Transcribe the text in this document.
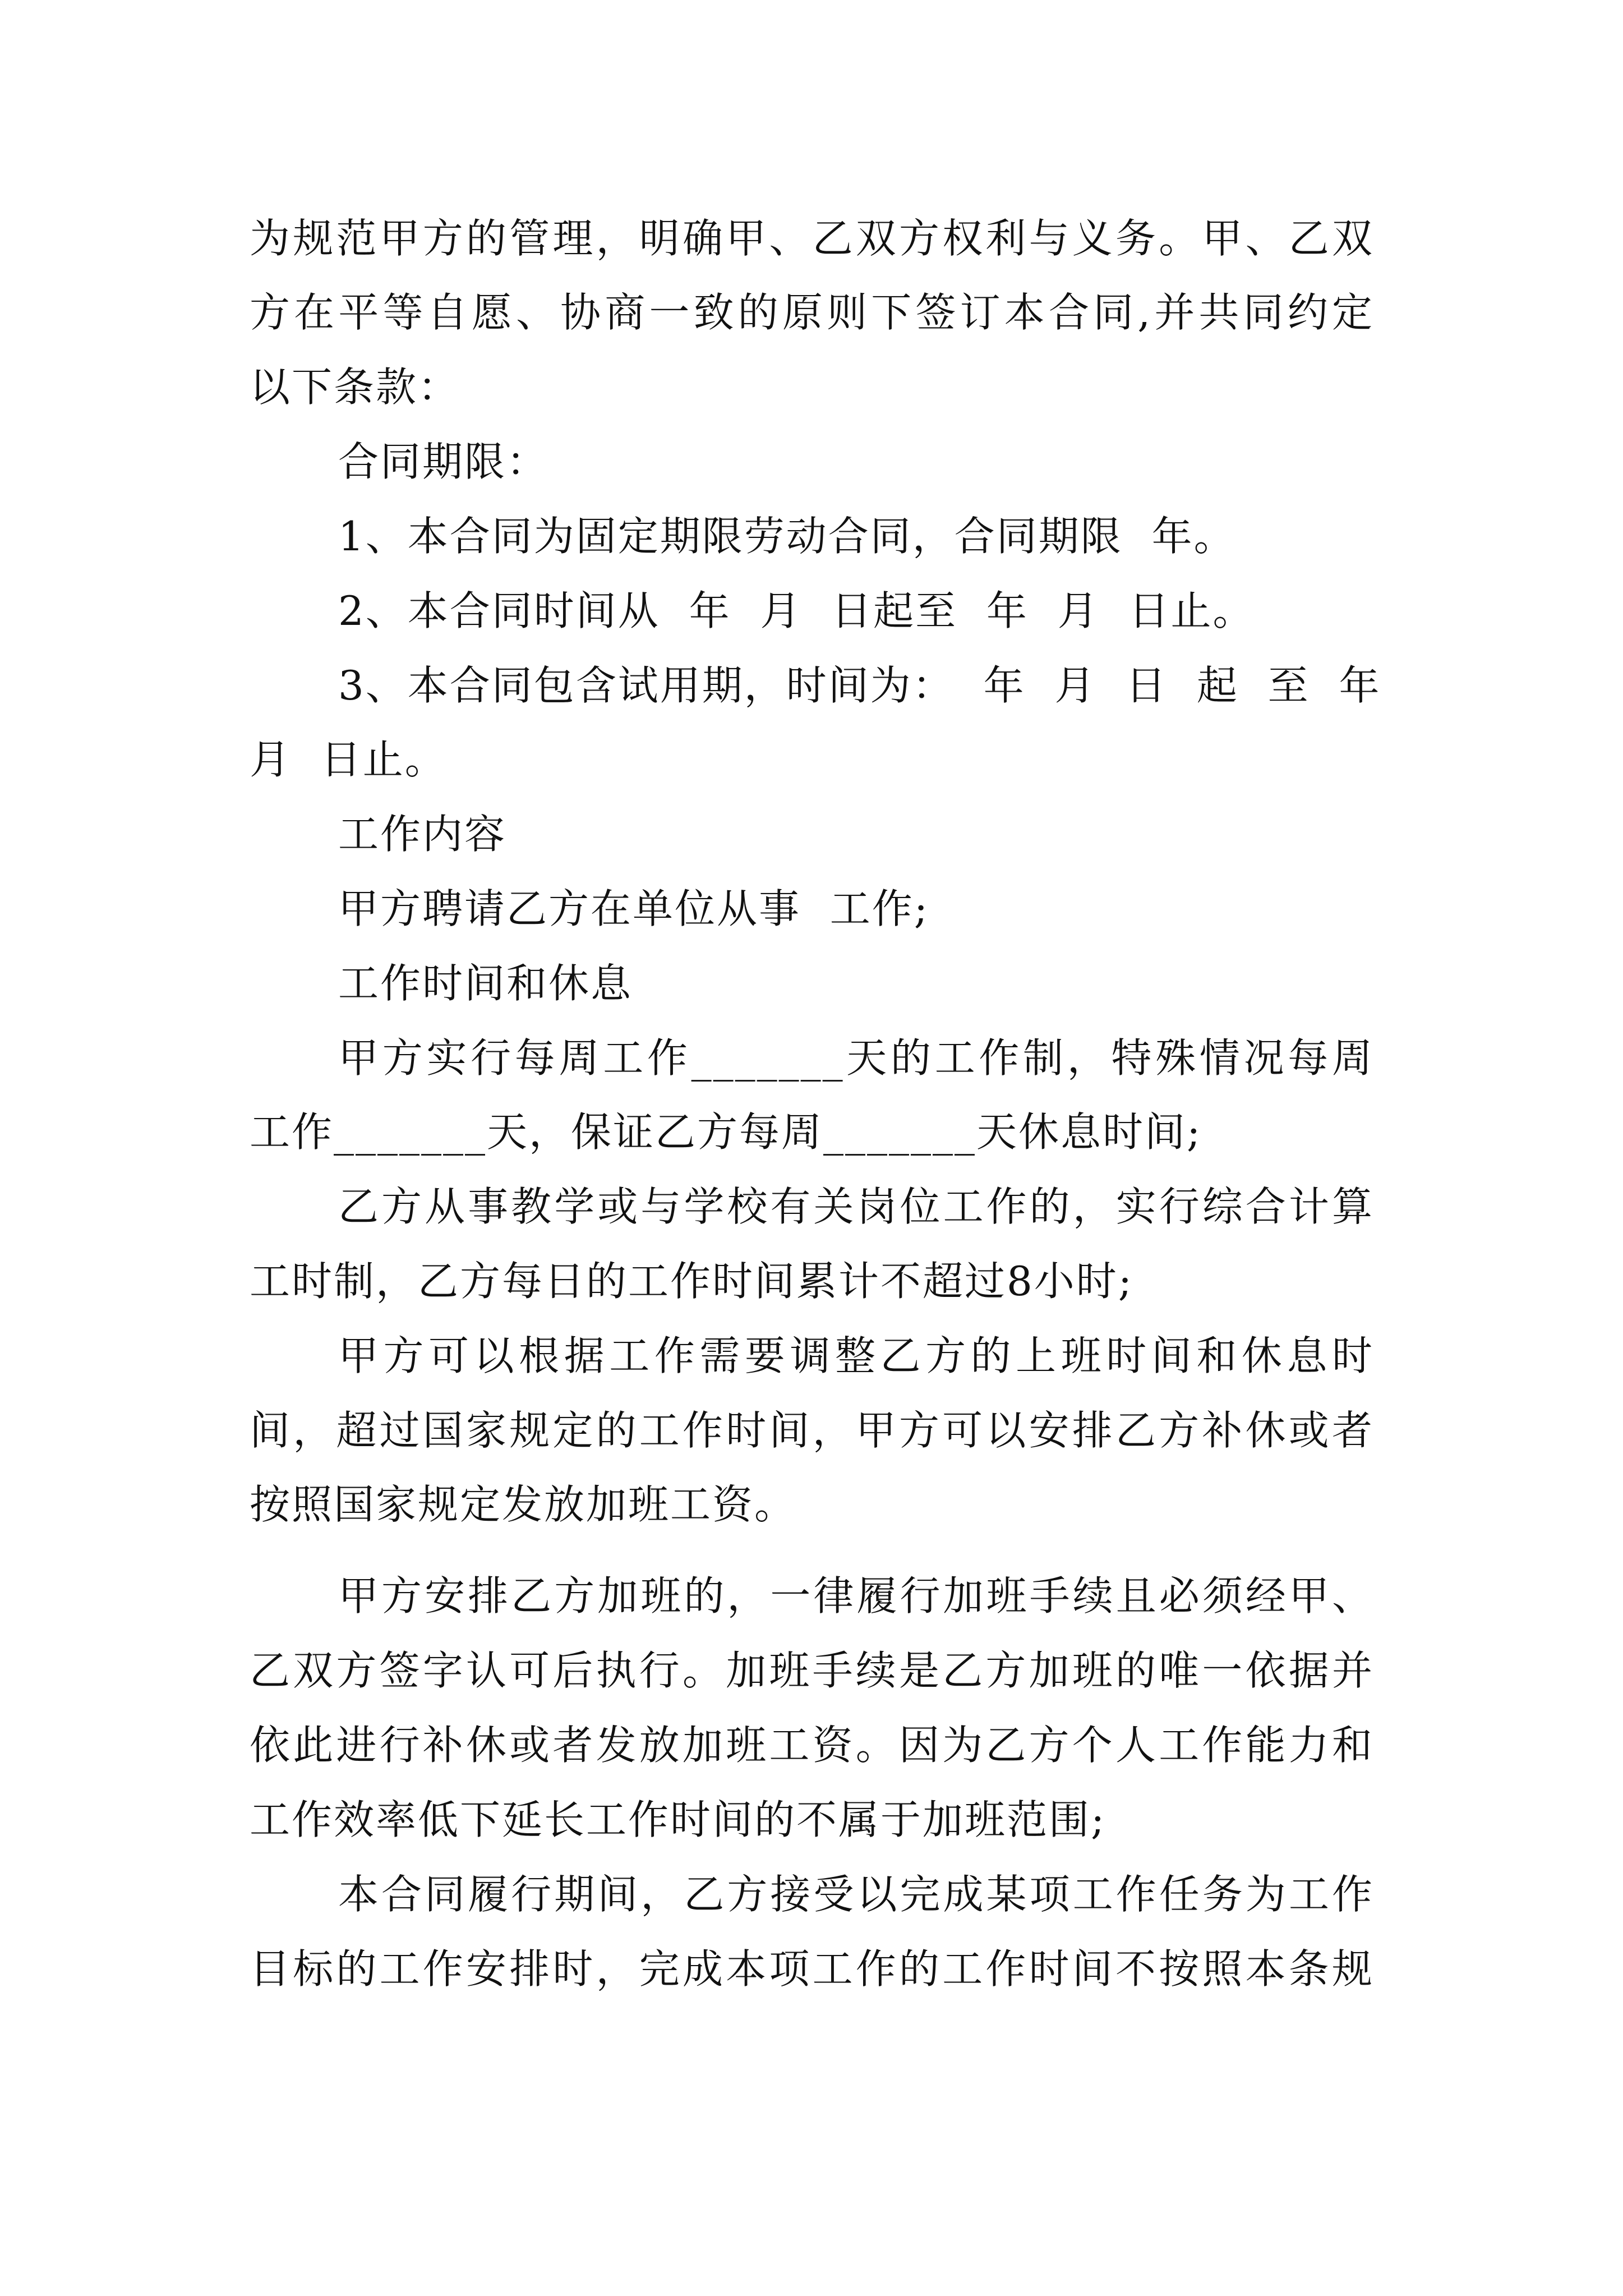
为规范甲方的管理，明确甲、乙双方权利与义务。甲、乙双
方在平等自愿、协商一致的原则下签订本合同,并共同约定
以下条款：
合同期限：
1、本合同为固定期限劳动合同，合同期限  年。
2、本合同时间从  年  月  日起至  年  月  日止。
3、本合同包含试用期，时间为：  年  月  日  起  至  年
月  日止。
工作内容
甲方聘请乙方在单位从事  工作;
工作时间和休息
甲方实行每周工作_______天的工作制，特殊情况每周
工作_______天，保证乙方每周_______天休息时间;
乙方从事教学或与学校有关岗位工作的，实行综合计算
工时制，乙方每日的工作时间累计不超过8小时;
甲方可以根据工作需要调整乙方的上班时间和休息时
间，超过国家规定的工作时间，甲方可以安排乙方补休或者
按照国家规定发放加班工资。
甲方安排乙方加班的，一律履行加班手续且必须经甲、
乙双方签字认可后执行。加班手续是乙方加班的唯一依据并
依此进行补休或者发放加班工资。因为乙方个人工作能力和
工作效率低下延长工作时间的不属于加班范围;
本合同履行期间，乙方接受以完成某项工作任务为工作
目标的工作安排时，完成本项工作的工作时间不按照本条规
